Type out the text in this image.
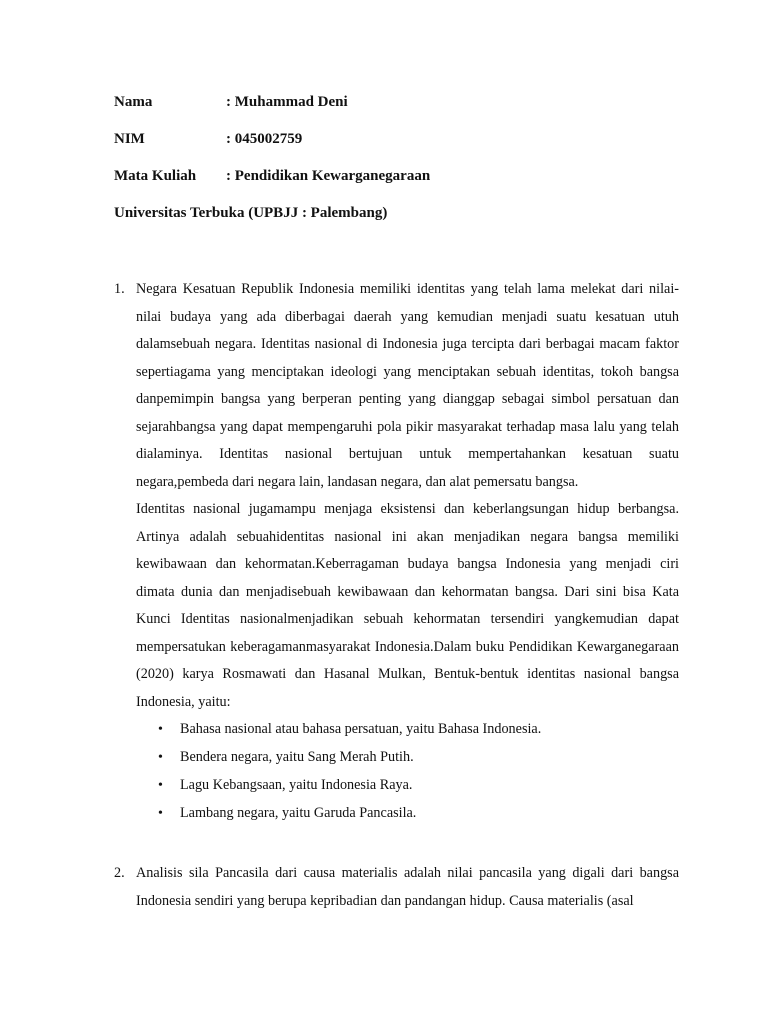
Nama	: Muhammad Deni
NIM	: 045002759
Mata Kuliah	: Pendidikan Kewarganegaraan
Universitas Terbuka (UPBJJ : Palembang)
1. Negara Kesatuan Republik Indonesia memiliki identitas yang telah lama melekat dari nilai-nilai budaya yang ada diberbagai daerah yang kemudian menjadi suatu kesatuan utuh dalamsebuah negara. Identitas nasional di Indonesia juga tercipta dari berbagai macam faktor sepertiagama yang menciptakan ideologi yang menciptakan sebuah identitas, tokoh bangsa danpemimpin bangsa yang berperan penting yang dianggap sebagai simbol persatuan dan sejarahbangsa yang dapat mempengaruhi pola pikir masyarakat terhadap masa lalu yang telah dialaminya. Identitas nasional bertujuan untuk mempertahankan kesatuan suatu negara,pembeda dari negara lain, landasan negara, dan alat pemersatu bangsa.

Identitas nasional jugamampu menjaga eksistensi dan keberlangsungan hidup berbangsa. Artinya adalah sebuahidentitas nasional ini akan menjadikan negara bangsa memiliki kewibawaan dan kehormatan.Keberragaman budaya bangsa Indonesia yang menjadi ciri dimata dunia dan menjadisebuah kewibawaan dan kehormatan bangsa. Dari sini bisa Kata Kunci Identitas nasionalmenjadikan sebuah kehormatan tersendiri yangkemudian dapat mempersatukan keberagamanmasyarakat Indonesia.Dalam buku Pendidikan Kewarganegaraan (2020) karya Rosmawati dan Hasanal Mulkan, Bentuk-bentuk identitas nasional bangsa Indonesia, yaitu:

•	Bahasa nasional atau bahasa persatuan, yaitu Bahasa Indonesia.
•	Bendera negara, yaitu Sang Merah Putih.
•	Lagu Kebangsaan, yaitu Indonesia Raya.
•	Lambang negara, yaitu Garuda Pancasila.
2. Analisis sila Pancasila dari causa materialis adalah nilai pancasila yang digali dari bangsa Indonesia sendiri yang berupa kepribadian dan pandangan hidup. Causa materialis (asal
